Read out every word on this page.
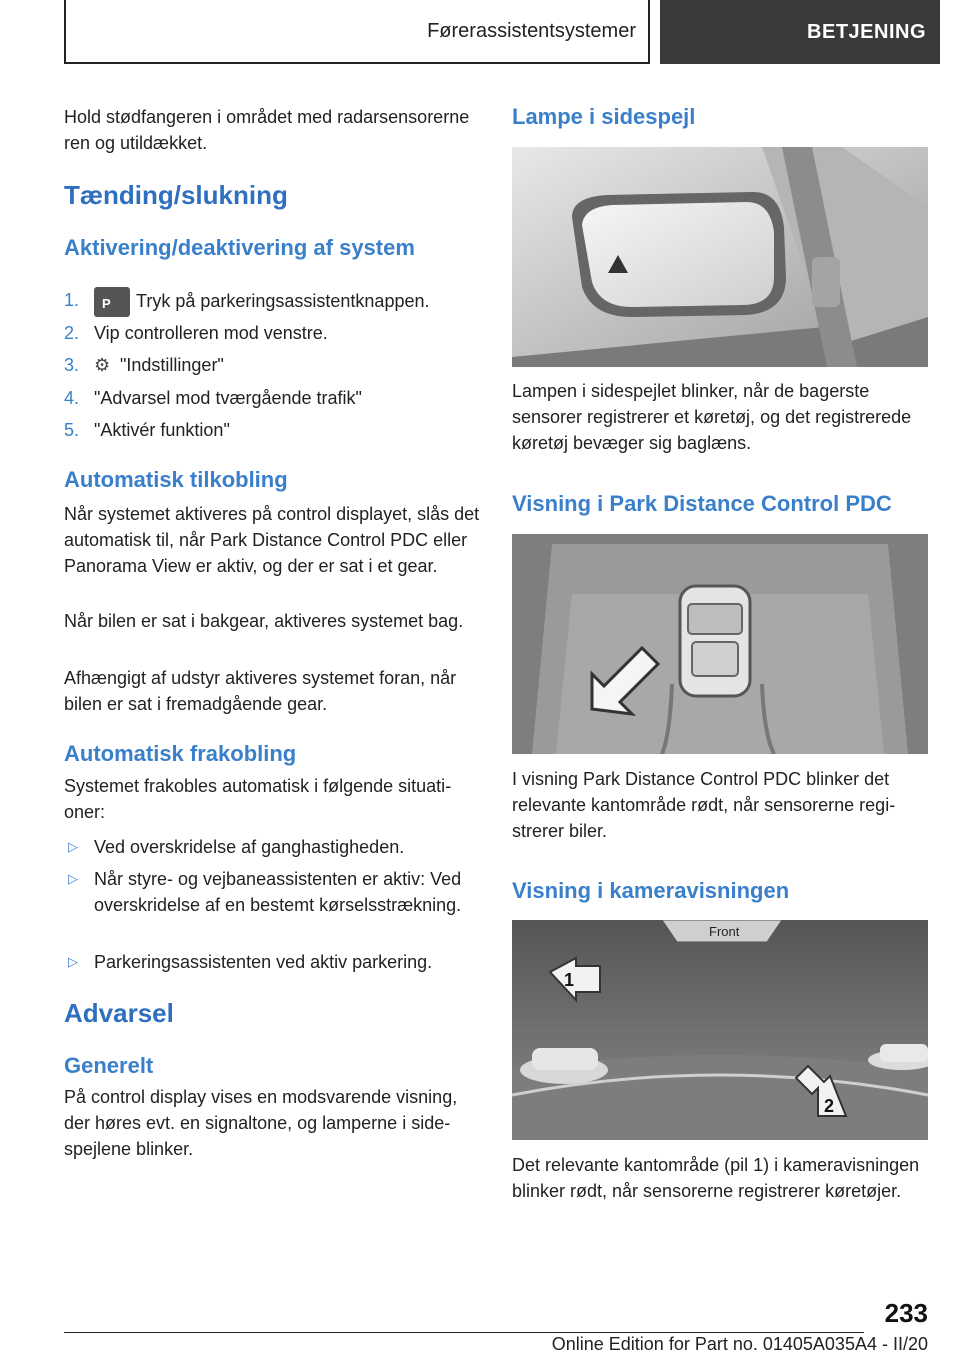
Førerassistentsystemer	BETJENING

Hold stødfangeren i området med radarsensorerne ren og utildækket.

Tænding/slukning
Aktivering/deaktivering af system
1.	P Tryk på parkeringsassistentknappen.
2. Vip controlleren mod venstre.
3. ⚙ "Indstillinger"
4. "Advarsel mod tværgående trafik"
5. "Aktivér funktion"
Automatisk tilkobling

Når systemet aktiveres på control displayet, slås det automatisk til, når Park Distance Control PDC eller Panorama View er aktiv, og der er sat i et gear.

Når bilen er sat i bakgear, aktiveres systemet bag.

Afhængigt af udstyr aktiveres systemet foran, når bilen er sat i fremadgående gear.

Automatisk frakobling

Systemet frakobles automatisk i følgende situationer:

▷ Ved overskridelse af ganghastigheden.
▷ Når styre- og vejbaneassistenten er aktiv: Ved overskridelse af en bestemt kørselsstrækning.
▷ Parkeringsassistenten ved aktiv parkering.
Advarsel
Generelt

På control display vises en modsvarende visning, der høres evt. en signaltone, og lamperne i sidespejlene blinker.

Lampe i sidespejl

Lampen i sidespejlet blinker, når de bagerste sensorer registrerer et køretøj, og det registrerede køretøj bevæger sig baglæns.

Visning i Park Distance Control PDC

I visning Park Distance Control PDC blinker det relevante kantområde rødt, når sensorerne registrerer biler.

Visning i kameravisningen
Front
1
2

Det relevante kantområde (pil 1) i kameravisningen blinker rødt, når sensorerne registrerer køretøjer.

233
Online Edition for Part no. 01405A035A4 - II/20
